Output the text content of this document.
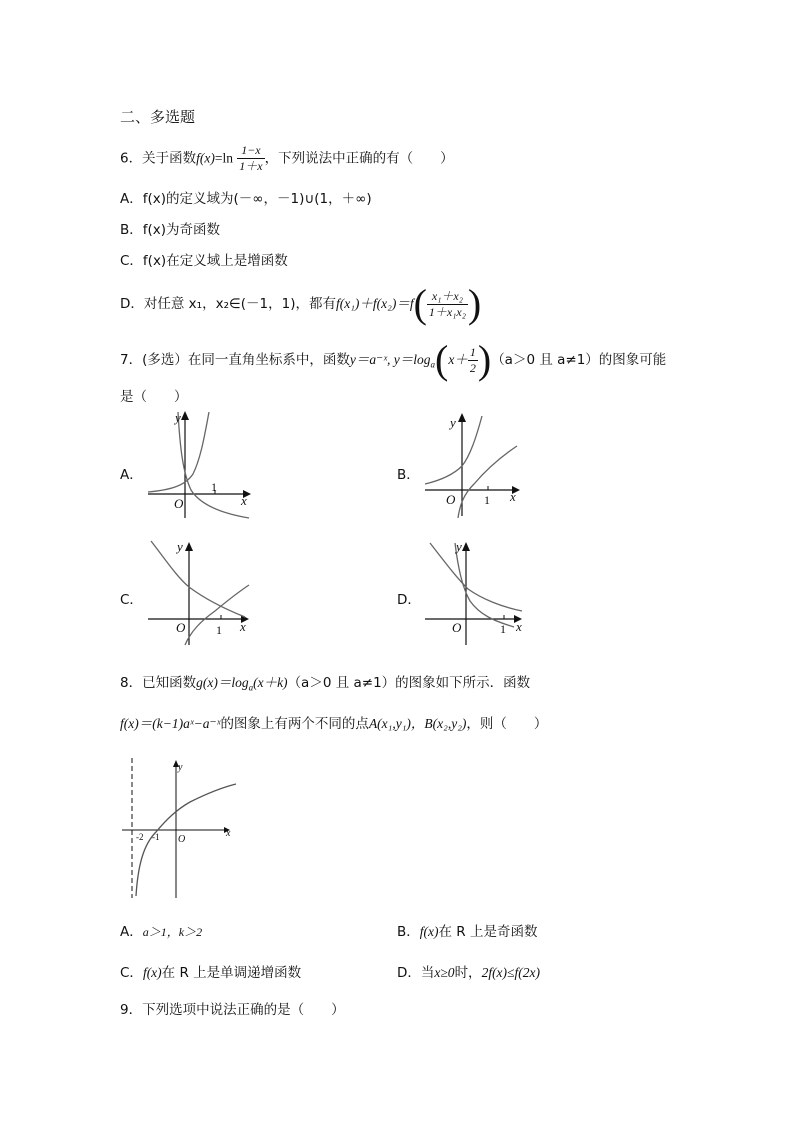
二、多选题
6．关于函数$f(x)=\ln \frac{1-x}{1+x}$ ，下列说法中正确的有（　　）
A．f(x)的定义域为(－∞，－1)∪(1，＋∞)
B．f(x)为奇函数
C．f(x)在定义域上是增函数
D．对任意 x₁，x₂∈(－1，1)，都有$f(x_1)+f(x_2)=f( \frac{\text{x₁＋x₂}}{\text{1＋x₁x₂}}$ )
7．(多选）在同一直角坐标系中，函数y＝a⁻ˣ, $y=\log_a(x+ \frac{1}{2} )(a>0$ 且 a≠1）的图象可能
是（　　）
A．	B．
C．	D．
x
y
O
1
x
y
O 1
x
y
O	1	x
y
O	1
8．已知函数$g(x)=\log_a(x+k)(a>0$ 且 a≠1）的图象如下所示．函数
f(x)＝(k−1)aˣ−a⁻ˣ的图象上有两个不同的点A(x₁,y₁)，B(x₂,y₂)，则（　　）
-2 -1 O
x
y
A．a＞1，k＞2	B．f(x)在 R 上是奇函数
C．f(x)在 R 上是单调递增函数	D．当x≥0时，2f(x)≤f(2x)
9．下列选项中说法正确的是（　　）
